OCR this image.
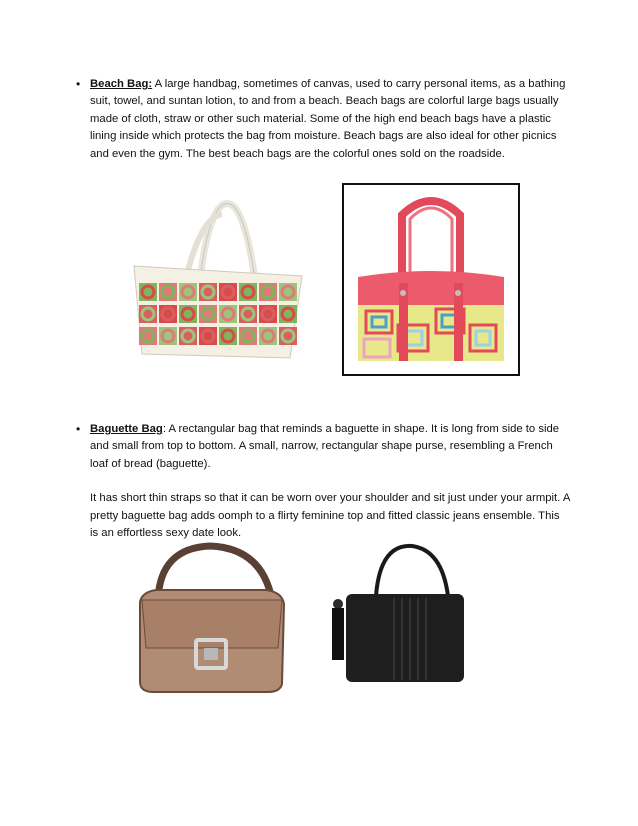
• Beach Bag: A large handbag, sometimes of canvas, used to carry personal items, as a bathing suit, towel, and suntan lotion, to and from a beach. Beach bags are colorful large bags usually made of cloth, straw or other such material. Some of the high end beach bags have a plastic lining inside which protects the bag from moisture. Beach bags are also ideal for other picnics and even the gym. The best beach bags are the colorful ones sold on the roadside.

• Baguette Bag: A rectangular bag that reminds a baguette in shape. It is long from side to side and small from top to bottom. A small, narrow, rectangular shape purse, resembling a French loaf of bread (baguette).

It has short thin straps so that it can be worn over your shoulder and sit just under your armpit. A pretty baguette bag adds oomph to a flirty feminine top and fitted classic jeans ensemble. This is an effortless sexy date look.
